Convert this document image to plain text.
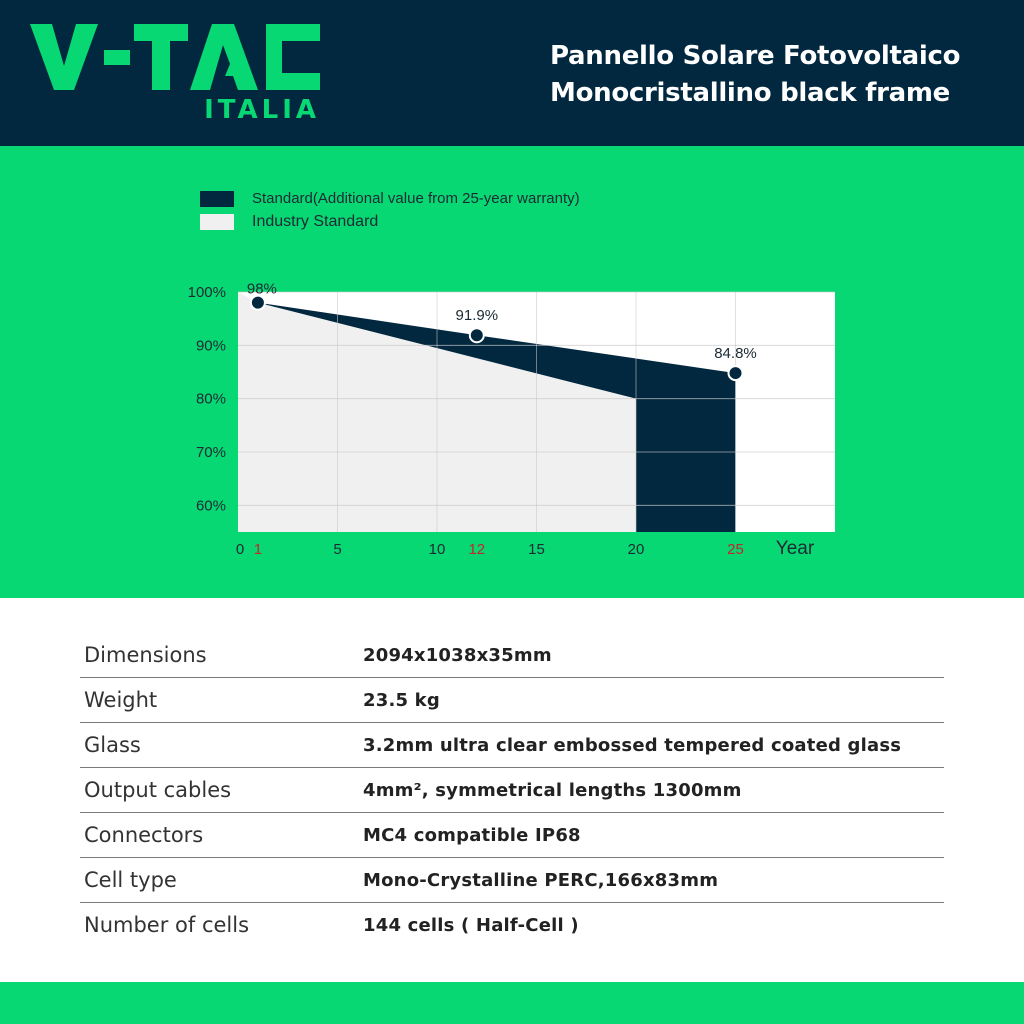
ITALIA
Pannello Solare Fotovoltaico
Monocristallino black frame
Standard(Additional value from 25-year warranty)
Industry Standard
100%
90%
80%
70%
60%
0 1	5	10 12	15	20	25 Year
98%
91.9%
84.8%
Dimensions	2094x1038x35mm
Weight	23.5 kg
Glass	3.2mm ultra clear embossed tempered coated glass
Output cables	4mm², symmetrical lengths 1300mm
Connectors	MC4 compatible IP68
Cell type	Mono-Crystalline PERC,166x83mm
Number of cells	144 cells ( Half-Cell )
